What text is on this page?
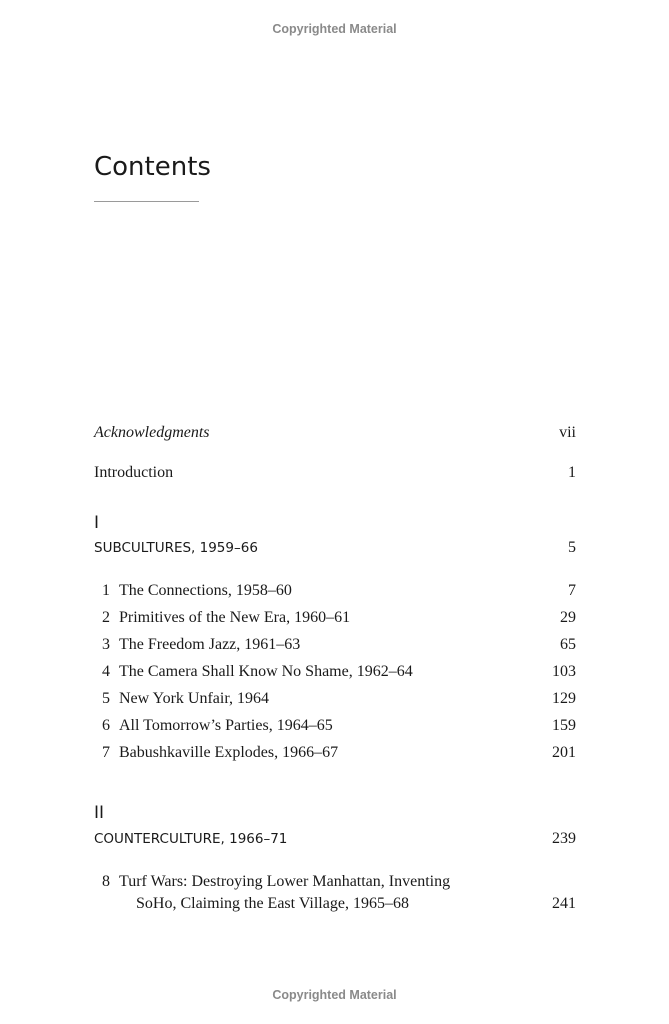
Copyrighted Material
Contents
Acknowledgments	vii
Introduction	1
I
SUBCULTURES, 1959–66	5
1 The Connections, 1958–60	7
2 Primitives of the New Era, 1960–61	29
3 The Freedom Jazz, 1961–63	65
4 The Camera Shall Know No Shame, 1962–64	103
5 New York Unfair, 1964	129
6 All Tomorrow’s Parties, 1964–65	159
7 Babushkaville Explodes, 1966–67	201
II
COUNTERCULTURE, 1966–71	239
8 Turf Wars: Destroying Lower Manhattan, Inventing
SoHo, Claiming the East Village, 1965–68	241
Copyrighted Material
